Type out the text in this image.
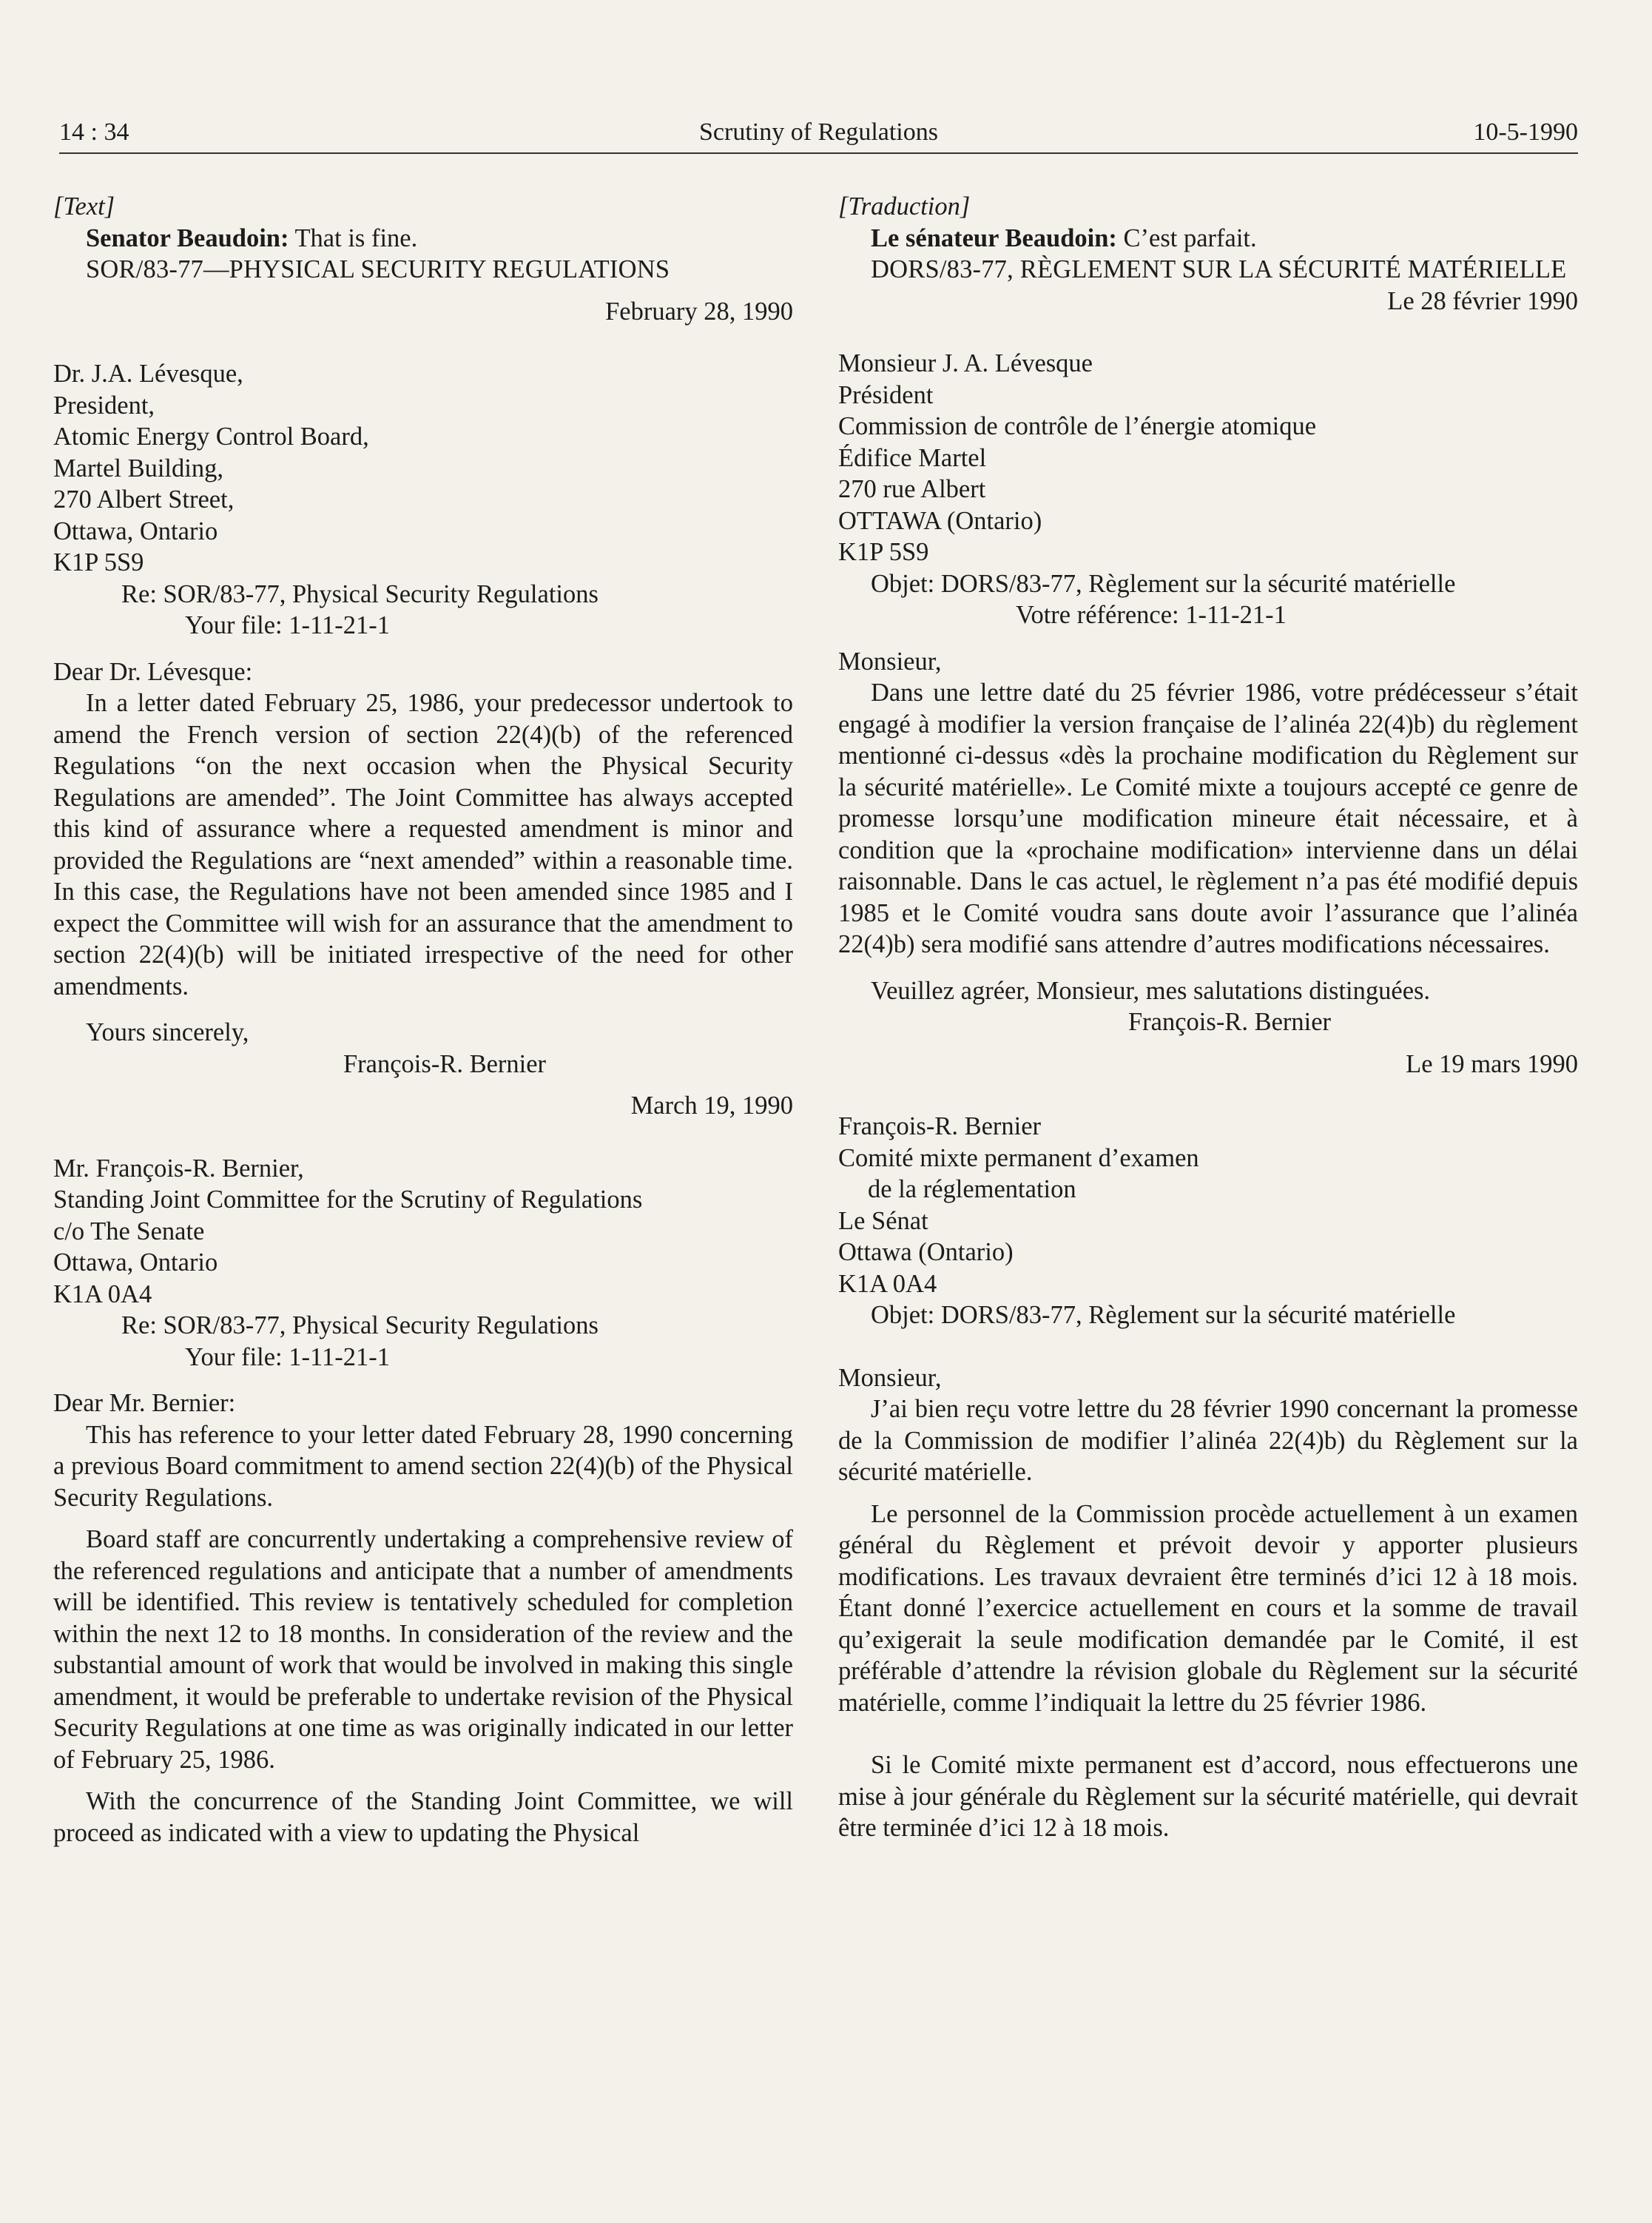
14 : 34	Scrutiny of Regulations	10-5-1990

[Text]

Senator Beaudoin: That is fine.

SOR/83-77—PHYSICAL SECURITY REGULATIONS

February 28, 1990

Dr. J.A. Lévesque,

President,

Atomic Energy Control Board,

Martel Building,

270 Albert Street,

Ottawa, Ontario

K1P 5S9

Re: SOR/83-77, Physical Security Regulations

Your file: 1-11-21-1

Dear Dr. Lévesque:

In a letter dated February 25, 1986, your predecessor undertook to amend the French version of section 22(4)(b) of the referenced Regulations “on the next occasion when the Physical Security Regulations are amended”. The Joint Committee has always accepted this kind of assurance where a requested amendment is minor and provided the Regulations are “next amended” within a reasonable time. In this case, the Regulations have not been amended since 1985 and I expect the Committee will wish for an assurance that the amendment to section 22(4)(b) will be initiated irrespective of the need for other amendments.

Yours sincerely,

François-R. Bernier

March 19, 1990

Mr. François-R. Bernier,

Standing Joint Committee for the Scrutiny of Regulations

c/o The Senate

Ottawa, Ontario

K1A 0A4

Re: SOR/83-77, Physical Security Regulations

Your file: 1-11-21-1

Dear Mr. Bernier:

This has reference to your letter dated February 28, 1990 concerning a previous Board commitment to amend section 22(4)(b) of the Physical Security Regulations.

Board staff are concurrently undertaking a comprehensive review of the referenced regulations and anticipate that a number of amendments will be identified. This review is tentatively scheduled for completion within the next 12 to 18 months. In consideration of the review and the substantial amount of work that would be involved in making this single amendment, it would be preferable to undertake revision of the Physical Security Regulations at one time as was originally indicated in our letter of February 25, 1986.

With the concurrence of the Standing Joint Committee, we will proceed as indicated with a view to updating the Physical

[Traduction]

Le sénateur Beaudoin: C’est parfait.

DORS/83-77, RÈGLEMENT SUR LA SÉCURITÉ MATÉRIELLE

Le 28 février 1990

Monsieur J. A. Lévesque

Président

Commission de contrôle de l’énergie atomique

Édifice Martel

270 rue Albert

OTTAWA (Ontario)

K1P 5S9

Objet: DORS/83-77, Règlement sur la sécurité matérielle

Votre référence: 1-11-21-1

Monsieur,

Dans une lettre daté du 25 février 1986, votre prédécesseur s’était engagé à modifier la version française de l’alinéa 22(4)b) du règlement mentionné ci-dessus «dès la prochaine modification du Règlement sur la sécurité matérielle». Le Comité mixte a toujours accepté ce genre de promesse lorsqu’une modification mineure était nécessaire, et à condition que la «prochaine modification» intervienne dans un délai raisonnable. Dans le cas actuel, le règlement n’a pas été modifié depuis 1985 et le Comité voudra sans doute avoir l’assurance que l’alinéa 22(4)b) sera modifié sans attendre d’autres modifications nécessaires.

Veuillez agréer, Monsieur, mes salutations distinguées.

François-R. Bernier

Le 19 mars 1990

François-R. Bernier

Comité mixte permanent d’examen

de la réglementation

Le Sénat

Ottawa (Ontario)

K1A 0A4

Objet: DORS/83-77, Règlement sur la sécurité matérielle

Monsieur,

J’ai bien reçu votre lettre du 28 février 1990 concernant la promesse de la Commission de modifier l’alinéa 22(4)b) du Règlement sur la sécurité matérielle.

Le personnel de la Commission procède actuellement à un examen général du Règlement et prévoit devoir y apporter plusieurs modifications. Les travaux devraient être terminés d’ici 12 à 18 mois. Étant donné l’exercice actuellement en cours et la somme de travail qu’exigerait la seule modification demandée par le Comité, il est préférable d’attendre la révision globale du Règlement sur la sécurité matérielle, comme l’indiquait la lettre du 25 février 1986.

Si le Comité mixte permanent est d’accord, nous effectuerons une mise à jour générale du Règlement sur la sécurité matérielle, qui devrait être terminée d’ici 12 à 18 mois.
